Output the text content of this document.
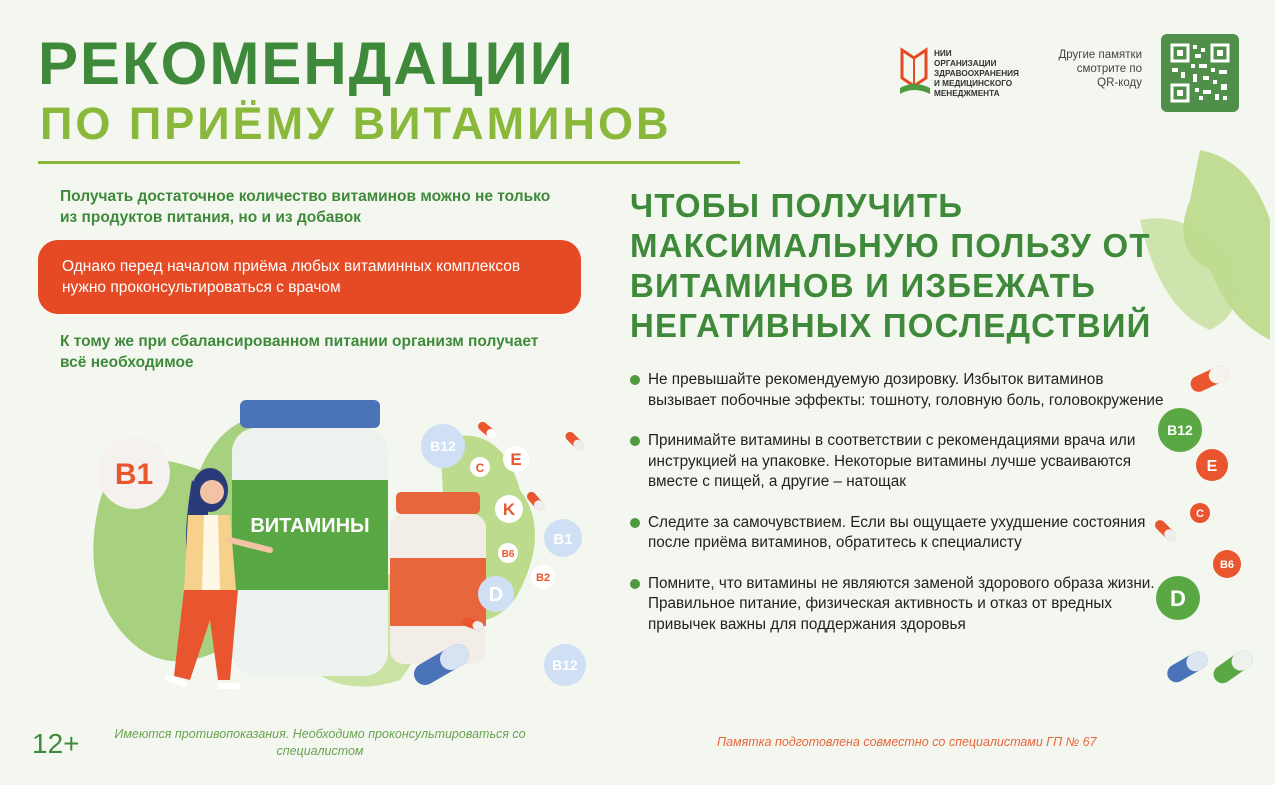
РЕКОМЕНДАЦИИ
ПО ПРИЁМУ ВИТАМИНОВ
НИИ
ОРГАНИЗАЦИИ
ЗДРАВООХРАНЕНИЯ
И МЕДИЦИНСКОГО
МЕНЕДЖМЕНТА
Другие памятки смотрите по QR-коду
Получать достаточное количество витаминов можно не только из продуктов питания, но и из добавок
Однако перед началом приёма любых витаминных комплексов нужно проконсультироваться с врачом
К тому же при сбалансированном питании организм получает всё необходимое
B1
B12
C E
K
B6
B1
B2
D
B12
ВИТАМИНЫ
B12
E
C
B6
D
ЧТОБЫ ПОЛУЧИТЬ МАКСИМАЛЬНУЮ ПОЛЬЗУ ОТ ВИТАМИНОВ И ИЗБЕЖАТЬ НЕГАТИВНЫХ ПОСЛЕДСТВИЙ
Не превышайте рекомендуемую дозировку. Избыток витаминов вызывает побочные эффекты: тошноту, головную боль, головокружение
Принимайте витамины в соответствии с рекомендациями врача или инструкцией на упаковке. Некоторые витамины лучше усваиваются вместе с пищей, а другие – натощак
Следите за самочувствием. Если вы ощущаете ухудшение состояния после приёма витаминов, обратитесь к специалисту
Помните, что витамины не являются заменой здорового образа жизни. Правильное питание, физическая активность и отказ от вредных привычек важны для поддержания здоровья
12+	Имеются противопоказания. Необходимо проконсультироваться со специалистом
Памятка подготовлена совместно со специалистами ГП № 67
